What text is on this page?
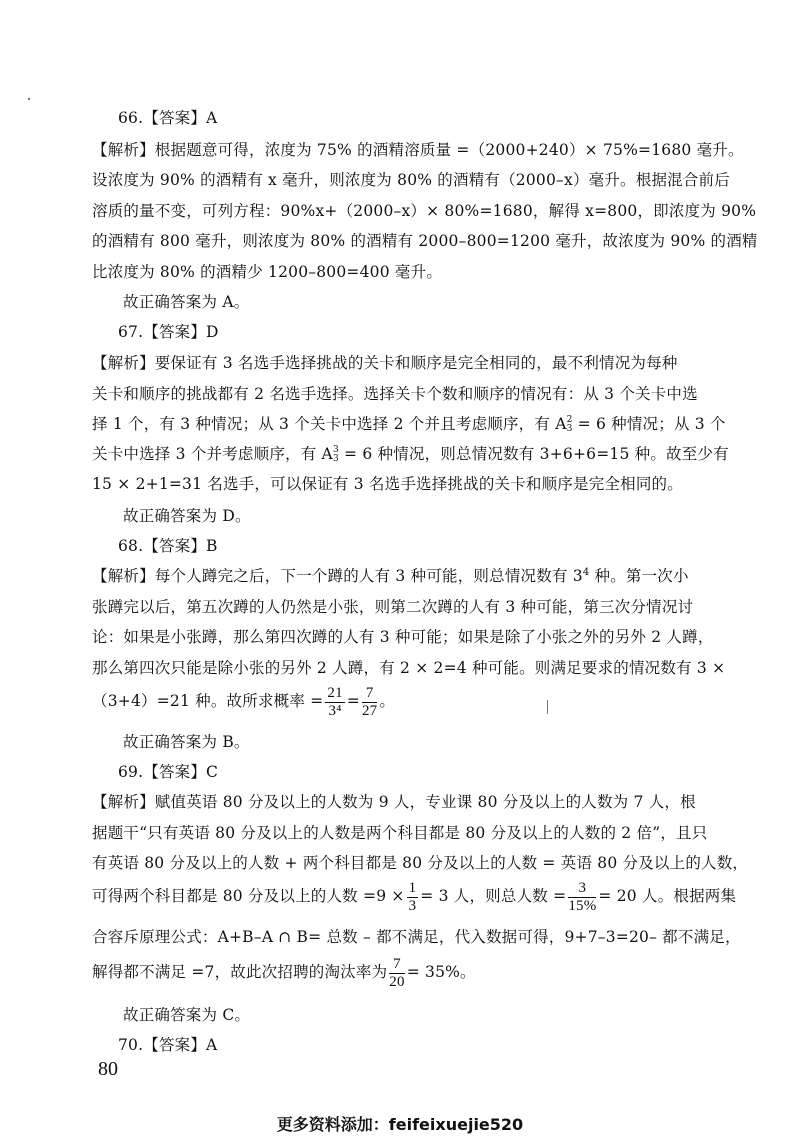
66.【答案】A
【解析】根据题意可得，浓度为 75% 的酒精溶质量 =（2000+240）× 75%=1680 毫升。
设浓度为 90% 的酒精有 x 毫升，则浓度为 80% 的酒精有（2000–x）毫升。根据混合前后
溶质的量不变，可列方程：90%x+（2000–x）× 80%=1680，解得 x=800，即浓度为 90%
的酒精有 800 毫升，则浓度为 80% 的酒精有 2000–800=1200 毫升，故浓度为 90% 的酒精
比浓度为 80% 的酒精少 1200–800=400 毫升。
故正确答案为 A。
67.【答案】D
【解析】要保证有 3 名选手选择挑战的关卡和顺序是完全相同的，最不利情况为每种
关卡和顺序的挑战都有 2 名选手选择。选择关卡个数和顺序的情况有：从 3 个关卡中选
择 1 个，有 3 种情况；从 3 个关卡中选择 2 个并且考虑顺序，有 A 2
3 = 6 种情况；从 3 个
关卡中选择 3 个并考虑顺序，有 A 3
3 = 6 种情况，则总情况数有 3+6+6=15 种。故至少有
15 × 2+1=31 名选手，可以保证有 3 名选手选择挑战的关卡和顺序是完全相同的。
故正确答案为 D。
68.【答案】B
【解析】每个人蹲完之后，下一个蹲的人有 3 种可能，则总情况数有 $3^4$ 种。第一次小
张蹲完以后，第五次蹲的人仍然是小张，则第二次蹲的人有 3 种可能，第三次分情况讨
论：如果是小张蹲，那么第四次蹲的人有 3 种可能；如果是除了小张之外的另外 2 人蹲，
那么第四次只能是除小张的另外 2 人蹲，有 2 × 2=4 种可能。则满足要求的情况数有 3 ×
（3+4）=21 种。故所求概率 = $\frac{21}{\text{3⁴}} = \frac{7}{27}$ 。
故正确答案为 B。
69.【答案】C
【解析】赋值英语 80 分及以上的人数为 9 人，专业课 80 分及以上的人数为 7 人，根
据题干“只有英语 80 分及以上的人数是两个科目都是 80 分及以上的人数的 2 倍”，且只
有英语 80 分及以上的人数 + 两个科目都是 80 分及以上的人数 = 英语 80 分及以上的人数，
可得两个科目都是 80 分及以上的人数 $=9 \times \frac{1}{3} = 3$ 人，则总人数 = $\frac{3}{15\%} = 20$ 人。根据两集
合容斥原理公式：A+B–A ∩ B= 总数 – 都不满足，代入数据可得，9+7–3=20– 都不满足，
解得都不满足 =7，故此次招聘的淘汰率为 $\frac{7}{20} = 35\%$。
故正确答案为 C。
70.【答案】A
80
更多资料添加：feifeixuejie520
